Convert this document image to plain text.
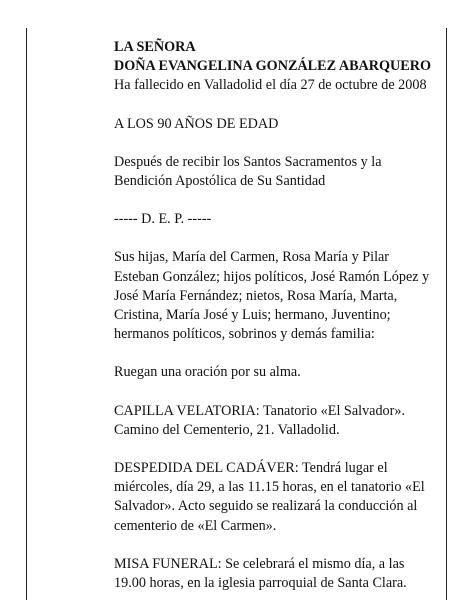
LA SEÑORA

DOÑA EVANGELINA GONZÁLEZ ABARQUERO

Ha fallecido en Valladolid el día 27 de octubre de 2008

A LOS 90 AÑOS DE EDAD

Después de recibir los Santos Sacramentos y la

Bendición Apostólica de Su Santidad

----- D. E. P. -----

Sus hijas, María del Carmen, Rosa María y Pilar

Esteban González; hijos políticos, José Ramón López y

José María Fernández; nietos, Rosa María, Marta,

Cristina, María José y Luis; hermano, Juventino;

hermanos políticos, sobrinos y demás familia:

Ruegan una oración por su alma.

CAPILLA VELATORIA: Tanatorio «El Salvador».

Camino del Cementerio, 21. Valladolid.

DESPEDIDA DEL CADÁVER: Tendrá lugar el

miércoles, día 29, a las 11.15 horas, en el tanatorio «El

Salvador». Acto seguido se realizará la conducción al

cementerio de «El Carmen».

MISA FUNERAL: Se celebrará el mismo día, a las

19.00 horas, en la iglesia parroquial de Santa Clara.
